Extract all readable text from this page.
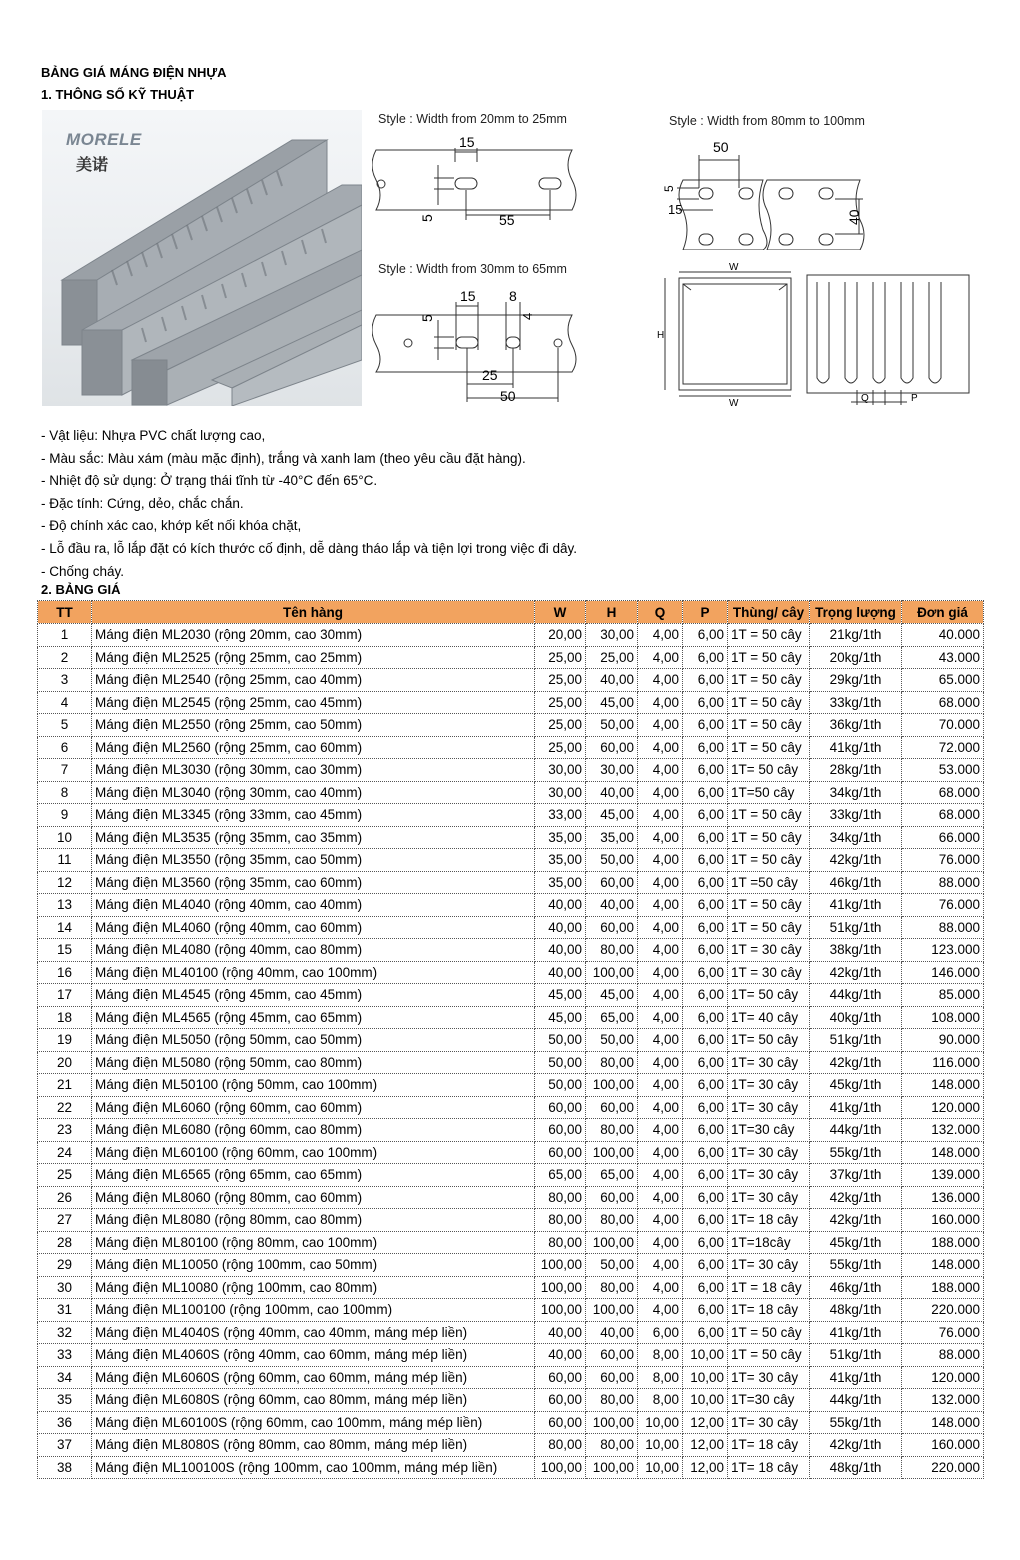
BẢNG GIÁ MÁNG ĐIỆN NHỰA
1. THÔNG SỐ KỸ THUẬT
MORELE
美诺
Style : Width from 20mm to 25mm
15
5	55
Style : Width from 30mm to 65mm
15 8
4
5
25
50
Style : Width from 80mm to 100mm
50
5
15	40
W
H
W	Q	P
- Vật liệu: Nhựa PVC chất lượng cao,
- Màu sắc: Màu xám (màu mặc định), trắng và xanh lam (theo yêu cầu đặt hàng).
- Nhiệt độ sử dụng: Ở trạng thái tĩnh từ -40°C đến 65°C.
- Đặc tính: Cứng, dẻo, chắc chắn.
- Độ chính xác cao, khớp kết nối khóa chặt,
- Lỗ đầu ra, lỗ lắp đặt có kích thước cố định, dễ dàng tháo lắp và tiện lợi trong việc đi dây.
- Chống cháy.
2. BẢNG GIÁ
TT	Tên hàng	W	H	Q	P	Thùng/ cây	Trọng lượng	Đơn giá
1	Máng điện ML2030 (rộng 20mm, cao 30mm)	20,00	30,00	4,00	6,00	1T = 50 cây	21kg/1th	40.000
2	Máng điện ML2525 (rộng 25mm, cao 25mm)	25,00	25,00	4,00	6,00	1T = 50 cây	20kg/1th	43.000
3	Máng điện ML2540 (rộng 25mm, cao 40mm)	25,00	40,00	4,00	6,00	1T = 50 cây	29kg/1th	65.000
4	Máng điện ML2545 (rộng 25mm, cao 45mm)	25,00	45,00	4,00	6,00	1T = 50 cây	33kg/1th	68.000
5	Máng điện ML2550 (rộng 25mm, cao 50mm)	25,00	50,00	4,00	6,00	1T = 50 cây	36kg/1th	70.000
6	Máng điện ML2560 (rộng 25mm, cao 60mm)	25,00	60,00	4,00	6,00	1T = 50 cây	41kg/1th	72.000
7	Máng điện ML3030 (rộng 30mm, cao 30mm)	30,00	30,00	4,00	6,00	1T= 50 cây	28kg/1th	53.000
8	Máng điện ML3040 (rộng 30mm, cao 40mm)	30,00	40,00	4,00	6,00	1T=50 cây	34kg/1th	68.000
9	Máng điện ML3345 (rộng 33mm, cao 45mm)	33,00	45,00	4,00	6,00	1T = 50 cây	33kg/1th	68.000
10	Máng điện ML3535 (rộng 35mm, cao 35mm)	35,00	35,00	4,00	6,00	1T = 50 cây	34kg/1th	66.000
11	Máng điện ML3550 (rộng 35mm, cao 50mm)	35,00	50,00	4,00	6,00	1T = 50 cây	42kg/1th	76.000
12	Máng điện ML3560 (rộng 35mm, cao 60mm)	35,00	60,00	4,00	6,00	1T =50 cây	46kg/1th	88.000
13	Máng điện ML4040 (rộng 40mm, cao 40mm)	40,00	40,00	4,00	6,00	1T = 50 cây	41kg/1th	76.000
14	Máng điện ML4060 (rộng 40mm, cao 60mm)	40,00	60,00	4,00	6,00	1T = 50 cây	51kg/1th	88.000
15	Máng điện ML4080 (rộng 40mm, cao 80mm)	40,00	80,00	4,00	6,00	1T = 30 cây	38kg/1th	123.000
16	Máng điện ML40100 (rộng 40mm, cao 100mm)	40,00	100,00	4,00	6,00	1T = 30 cây	42kg/1th	146.000
17	Máng điện ML4545 (rộng 45mm, cao 45mm)	45,00	45,00	4,00	6,00	1T= 50 cây	44kg/1th	85.000
18	Máng điện ML4565 (rộng 45mm, cao 65mm)	45,00	65,00	4,00	6,00	1T= 40 cây	40kg/1th	108.000
19	Máng điện ML5050 (rộng 50mm, cao 50mm)	50,00	50,00	4,00	6,00	1T= 50 cây	51kg/1th	90.000
20	Máng điện ML5080 (rộng 50mm, cao 80mm)	50,00	80,00	4,00	6,00	1T= 30 cây	42kg/1th	116.000
21	Máng điện ML50100 (rộng 50mm, cao 100mm)	50,00	100,00	4,00	6,00	1T= 30 cây	45kg/1th	148.000
22	Máng điện ML6060 (rộng 60mm, cao 60mm)	60,00	60,00	4,00	6,00	1T= 30 cây	41kg/1th	120.000
23	Máng điện ML6080 (rộng 60mm, cao 80mm)	60,00	80,00	4,00	6,00	1T=30 cây	44kg/1th	132.000
24	Máng điện ML60100 (rộng 60mm, cao 100mm)	60,00	100,00	4,00	6,00	1T= 30 cây	55kg/1th	148.000
25	Máng điện ML6565 (rộng 65mm, cao 65mm)	65,00	65,00	4,00	6,00	1T= 30 cây	37kg/1th	139.000
26	Máng điện ML8060 (rộng 80mm, cao 60mm)	80,00	60,00	4,00	6,00	1T= 30 cây	42kg/1th	136.000
27	Máng điện ML8080 (rộng 80mm, cao 80mm)	80,00	80,00	4,00	6,00	1T= 18 cây	42kg/1th	160.000
28	Máng điện ML80100 (rộng 80mm, cao 100mm)	80,00	100,00	4,00	6,00	1T=18cây	45kg/1th	188.000
29	Máng điện ML10050 (rộng 100mm, cao 50mm)	100,00	50,00	4,00	6,00	1T= 30 cây	55kg/1th	148.000
30	Máng điện ML10080 (rộng 100mm, cao 80mm)	100,00	80,00	4,00	6,00	1T = 18 cây	46kg/1th	188.000
31	Máng điện ML100100 (rộng 100mm, cao 100mm)	100,00	100,00	4,00	6,00	1T= 18 cây	48kg/1th	220.000
32	Máng điện ML4040S (rộng 40mm, cao 40mm, máng mép liền)	40,00	40,00	6,00	6,00	1T = 50 cây	41kg/1th	76.000
33	Máng điện ML4060S (rộng 40mm, cao 60mm, máng mép liền)	40,00	60,00	8,00	10,00	1T = 50 cây	51kg/1th	88.000
34	Máng điện ML6060S (rộng 60mm, cao 60mm, máng mép liền)	60,00	60,00	8,00	10,00	1T= 30 cây	41kg/1th	120.000
35	Máng điện ML6080S (rộng 60mm, cao 80mm, máng mép liền)	60,00	80,00	8,00	10,00	1T=30 cây	44kg/1th	132.000
36	Máng điện ML60100S (rộng 60mm, cao 100mm, máng mép liền)	60,00	100,00	10,00	12,00	1T= 30 cây	55kg/1th	148.000
37	Máng điện ML8080S (rộng 80mm, cao 80mm, máng mép liền)	80,00	80,00	10,00	12,00	1T= 18 cây	42kg/1th	160.000
38	Máng điện ML100100S (rộng 100mm, cao 100mm, máng mép liền)	100,00	100,00	10,00	12,00	1T= 18 cây	48kg/1th	220.000
